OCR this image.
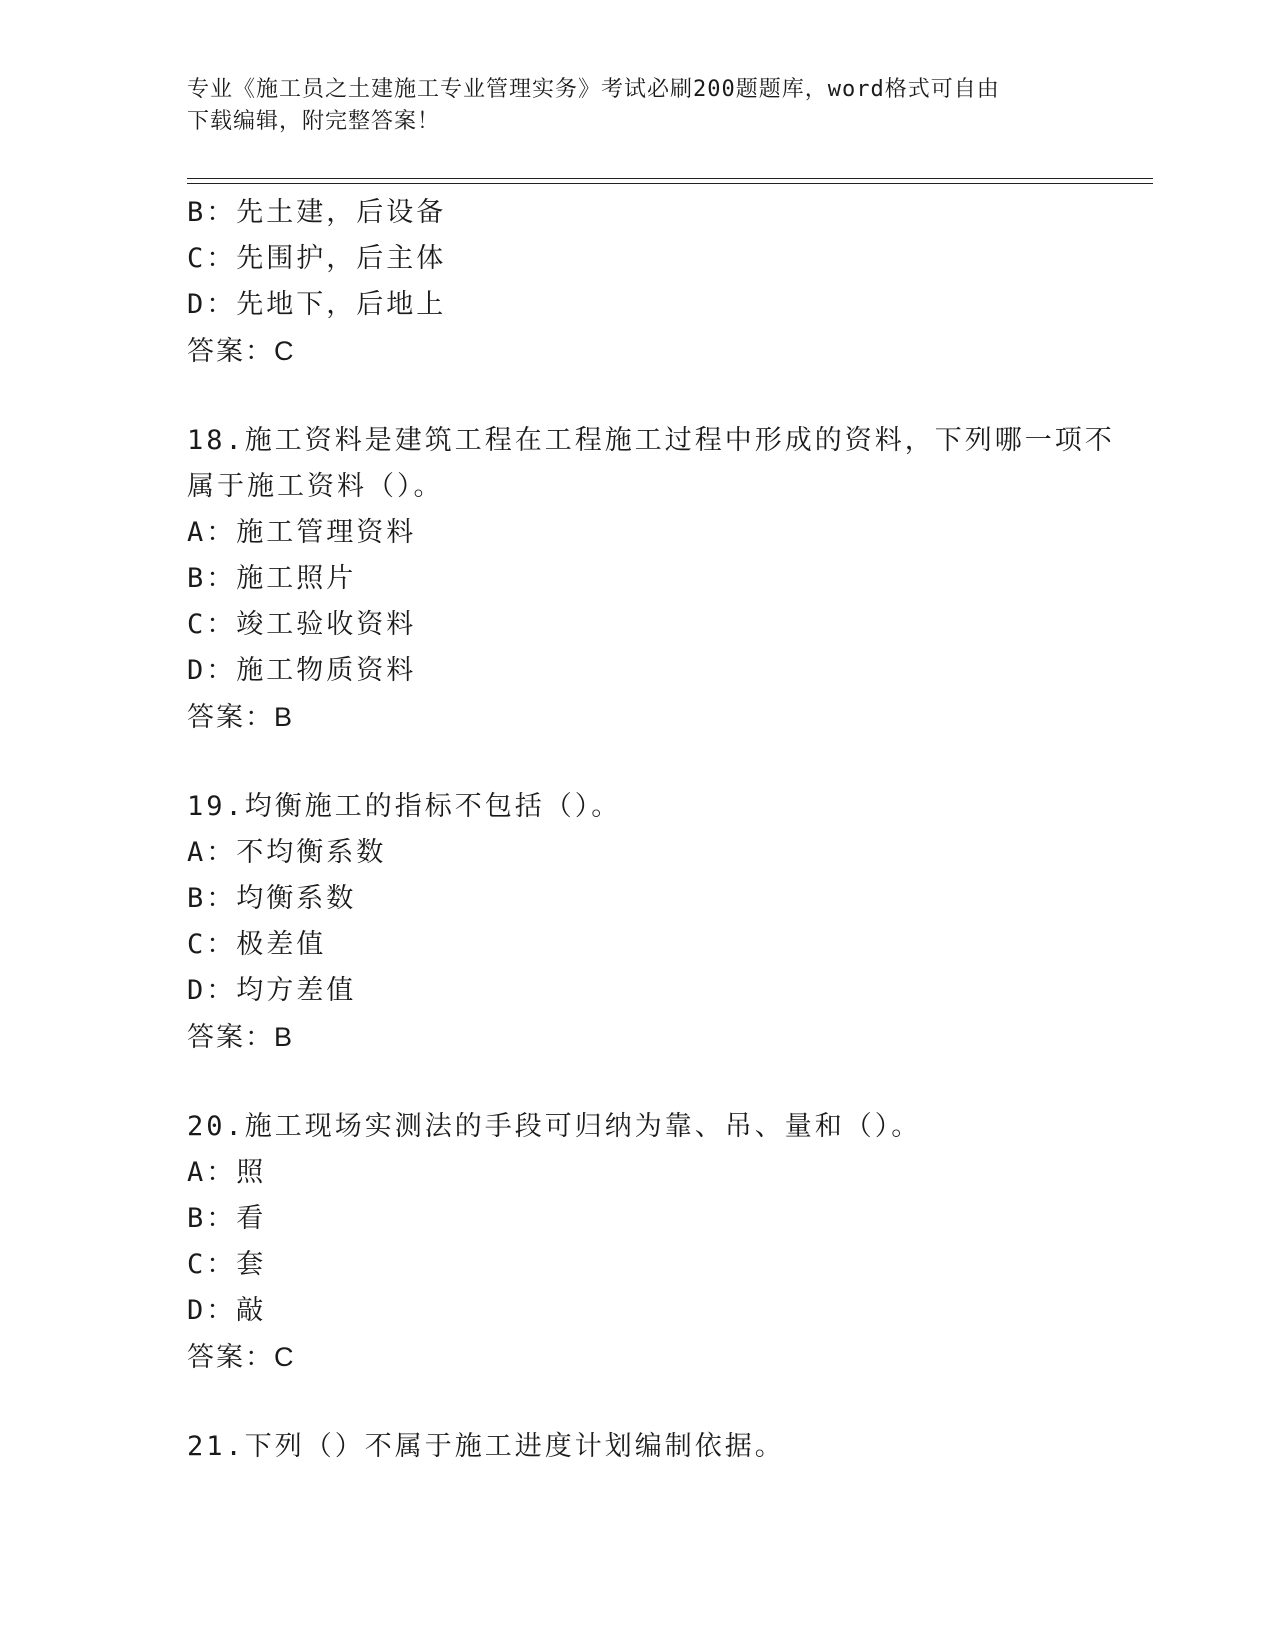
专业《施工员之土建施工专业管理实务》考试必刷200题题库，word格式可自由
下载编辑，附完整答案！
B：先土建，后设备
C：先围护，后主体
D：先地下，后地上
答案：C
18.施工资料是建筑工程在工程施工过程中形成的资料，下列哪一项不
属于施工资料（）。
A：施工管理资料
B：施工照片
C：竣工验收资料
D：施工物质资料
答案：B
19.均衡施工的指标不包括（）。
A：不均衡系数
B：均衡系数
C：极差值
D：均方差值
答案：B
20.施工现场实测法的手段可归纳为靠、吊、量和（）。
A：照
B：看
C：套
D：敲
答案：C
21.下列（）不属于施工进度计划编制依据。
